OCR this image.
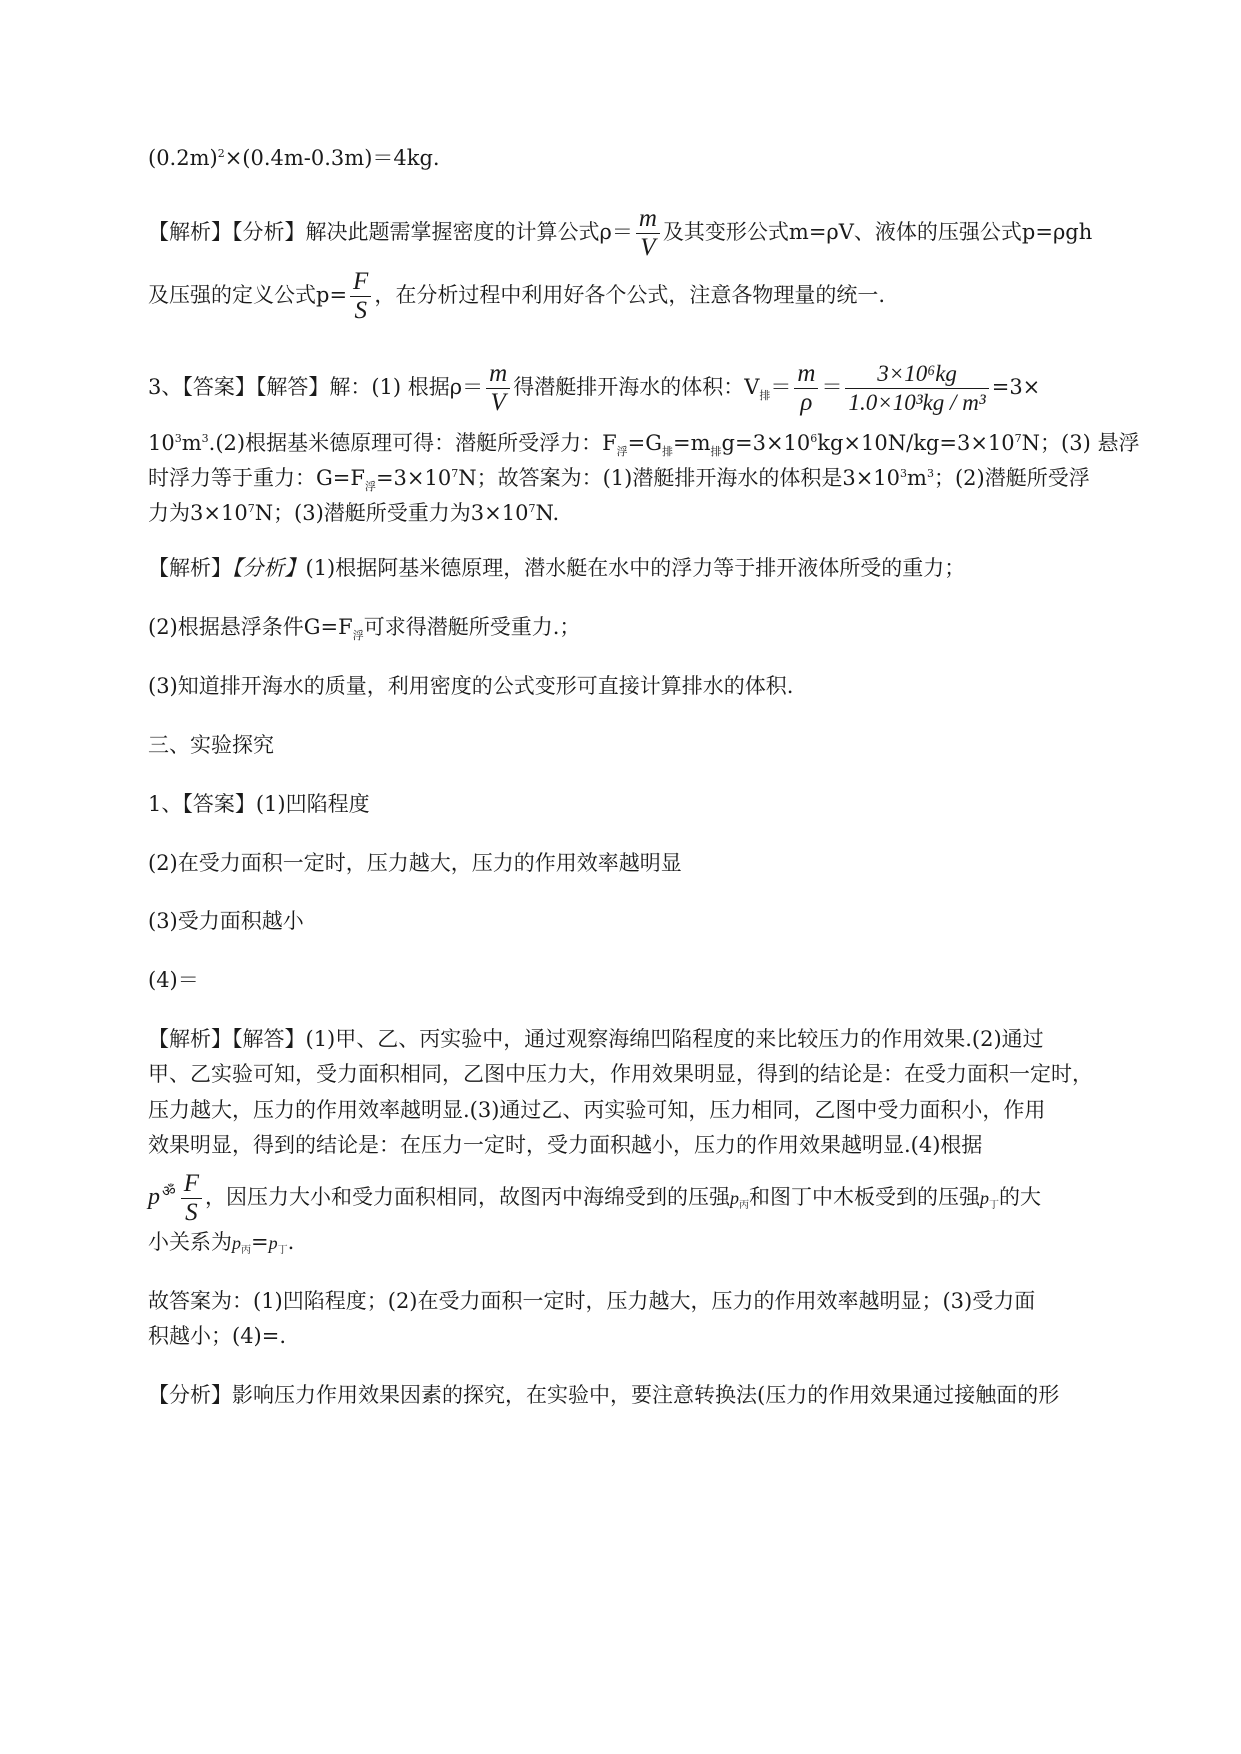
$(0.2m)^2\times(0.4m-0.3m)=4kg$.
【解析】【分析】解决此题需掌握密度的计算公式$\rho= \frac{m}{V}$ 及其变形公式m=ρV、液体的压强公式p=ρgh
及压强的定义公式$p= \frac{F}{S}$ ，在分析过程中利用好各个公式，注意各物理量的统一.
3、【答案】【解答】解：(1) 根据$\rho= \frac{m}{V}$ 得潜艇排开海水的体积：$V_排= \frac{m}{\rho} = \frac{\text{3×10⁶kg}}{\text{1.0×10³kg / m³}} =3\times$
$10^3m^3.(2)$根据基米德原理可得：潜艇所受浮力：$F_浮=G_排=m_排g=3\times 10^6kg\times 10N/kg=3\times 10^7N$；(3) 悬浮
时浮力等于重力：$G=F_浮=3\times 10^7N$；故答案为：(1)潜艇排开海水的体积是$3\times 10^3m^3$；(2)潜艇所受浮
力为$3\times 10^7N$；(3)潜艇所受重力为$3\times 10^7N$.
【解析】【分析】(1)根据阿基米德原理，潜水艇在水中的浮力等于排开液体所受的重力；
(2)根据悬浮条件$G=F_浮$可求得潜艇所受重力.；
(3)知道排开海水的质量，利用密度的公式变形可直接计算排水的体积.
三、实验探究
1、【答案】(1)凹陷程度
(2)在受力面积一定时，压力越大，压力的作用效率越明显
(3)受力面积越小
(4)＝
【解析】【解答】(1)甲、乙、丙实验中，通过观察海绵凹陷程度的来比较压力的作用效果.(2)通过
甲、乙实验可知，受力面积相同，乙图中压力大，作用效果明显，得到的结论是：在受力面积一定时，
压力越大，压力的作用效率越明显.(3)通过乙、丙实验可知，压力相同，乙图中受力面积小，作用
效果明显，得到的结论是：在压力一定时，受力面积越小，压力的作用效果越明显.(4)根据
p $^ॐ \frac{F}{S}$ ，因压力大小和受力面积相同，故图丙中海绵受到的压强p丙和图丁中木板受到的压强p丁的大
小关系为p丙=p丁.
故答案为：(1)凹陷程度；(2)在受力面积一定时，压力越大，压力的作用效率越明显；(3)受力面
积越小；(4)=.
【分析】影响压力作用效果因素的探究，在实验中，要注意转换法(压力的作用效果通过接触面的形
